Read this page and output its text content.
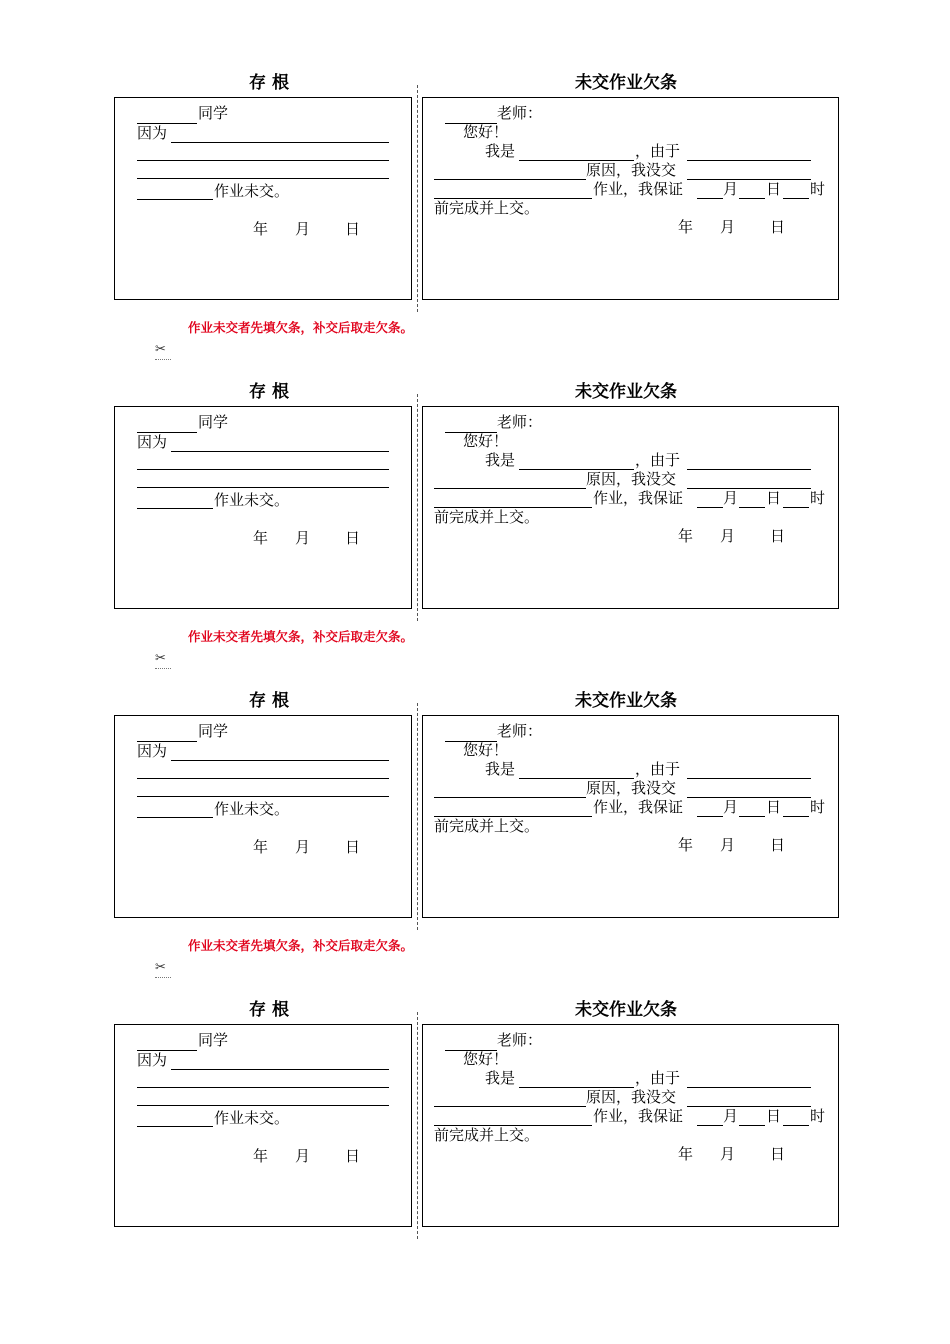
存 根	未交作业欠条
同学
因为
作业未交。
年 月 日
老师：
您好！
我是	，由于
原因，我没交
作业，我保证	月 日 时
前完成并上交。
年 月 日
作业未交者先填欠条，补交后取走欠条。
✂
存 根	未交作业欠条
同学
因为
作业未交。
年 月 日
老师：
您好！
我是	，由于
原因，我没交
作业，我保证	月 日 时
前完成并上交。
年 月 日
作业未交者先填欠条，补交后取走欠条。
✂
存 根	未交作业欠条
同学
因为
作业未交。
年 月 日
老师：
您好！
我是	，由于
原因，我没交
作业，我保证	月 日 时
前完成并上交。
年 月 日
作业未交者先填欠条，补交后取走欠条。
✂
存 根	未交作业欠条
同学
因为
作业未交。
年 月 日
老师：
您好！
我是	，由于
原因，我没交
作业，我保证	月 日 时
前完成并上交。
年 月 日
